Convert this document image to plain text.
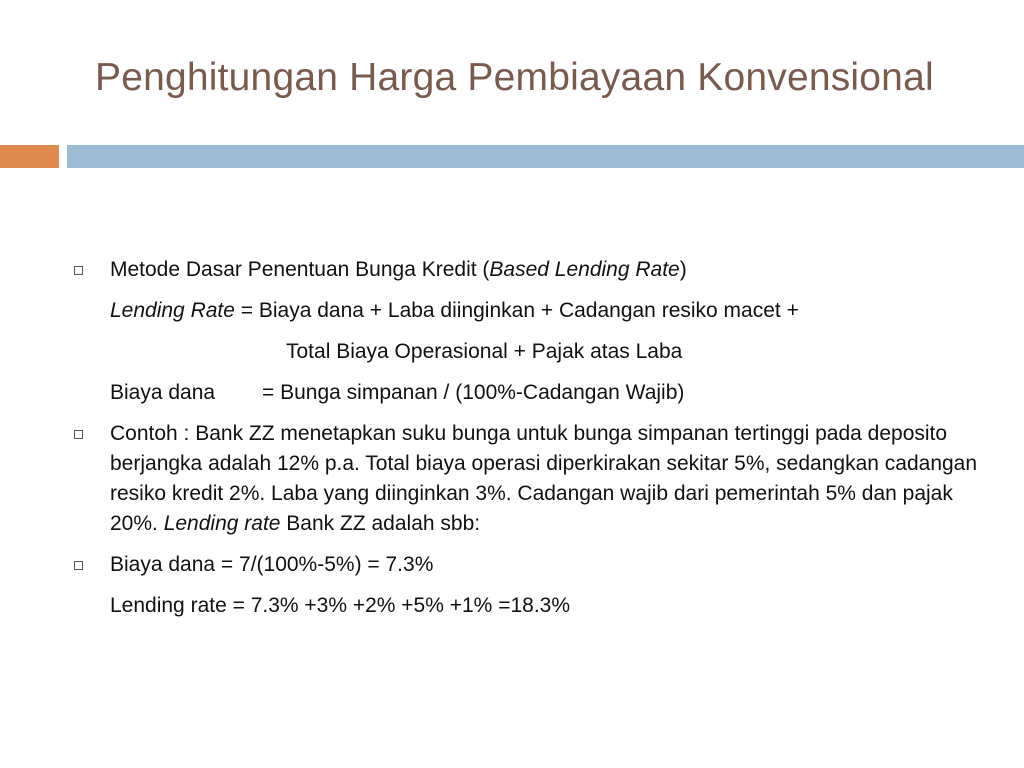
Penghitungan Harga Pembiayaan Konvensional
Metode Dasar Penentuan Bunga Kredit (Based Lending Rate)
Lending Rate = Biaya dana + Laba diinginkan + Cadangan resiko macet +
Total Biaya Operasional + Pajak atas Laba
Biaya dana = Bunga simpanan / (100%-Cadangan Wajib)
Contoh : Bank ZZ menetapkan suku bunga untuk bunga simpanan tertinggi pada deposito berjangka adalah 12% p.a. Total biaya operasi diperkirakan sekitar 5%, sedangkan cadangan resiko kredit 2%. Laba yang diinginkan 3%. Cadangan wajib dari pemerintah 5% dan pajak 20%. Lending rate Bank ZZ adalah sbb:
Biaya dana = 7/(100%-5%) = 7.3%
Lending rate = 7.3% +3% +2% +5% +1% =18.3%
